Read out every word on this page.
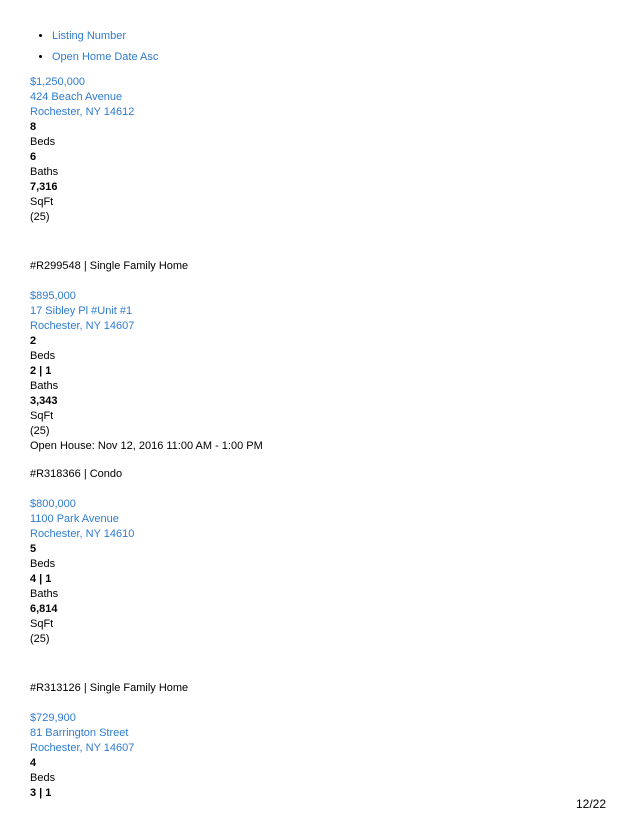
• Listing Number
• Open Home Date Asc
$1,250,000
424 Beach Avenue
Rochester, NY 14612
8
Beds
6
Baths
7,316
SqFt
(25)
#R299548 | Single Family Home
$895,000
17 Sibley Pl #Unit #1
Rochester, NY 14607
2
Beds
2 | 1
Baths
3,343
SqFt
(25)
Open House: Nov 12, 2016 11:00 AM - 1:00 PM
#R318366 | Condo
$800,000
1100 Park Avenue
Rochester, NY 14610
5
Beds
4 | 1
Baths
6,814
SqFt
(25)
#R313126 | Single Family Home
$729,900
81 Barrington Street
Rochester, NY 14607
4
Beds
3 | 1
12/22
